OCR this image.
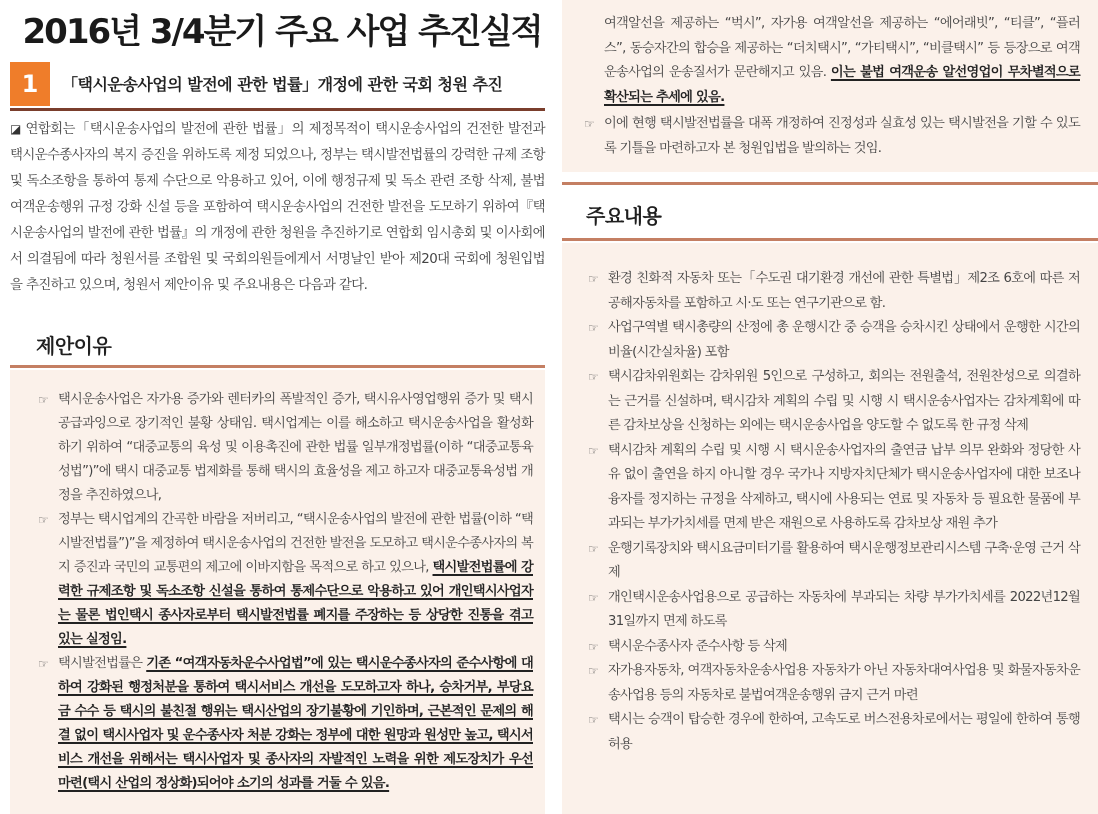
2016년 3/4분기 주요 사업 추진실적
1	「택시운송사업의 발전에 관한 법률」개정에 관한 국회 청원 추진
◪ 연합회는「택시운송사업의 발전에 관한 법률」의 제정목적이 택시운송사업의 건전한 발전과 택시운수종사자의 복지 증진을 위하도록 제정 되었으나, 정부는 택시발전법률의 강력한 규제 조항 및 독소조항을 통하여 통제 수단으로 악용하고 있어, 이에 행정규제 및 독소 관련 조항 삭제, 불법여객운송행위 규정 강화 신설 등을 포함하여 택시운송사업의 건전한 발전을 도모하기 위하여『택시운송사업의 발전에 관한 법률』의 개정에 관한 청원을 추진하기로 연합회 임시총회 및 이사회에서 의결됨에 따라 청원서를 조합원 및 국회의원들에게서 서명날인 받아 제20대 국회에 청원입법을 추진하고 있으며, 청원서 제안이유 및 주요내용은 다음과 같다.
제안이유
☞ 택시운송사업은 자가용 증가와 렌터카의 폭발적인 증가, 택시유사영업행위 증가 및 택시 공급과잉으로 장기적인 불황 상태임. 택시업계는 이를 해소하고 택시운송사업을 활성화하기 위하여 “대중교통의 육성 및 이용촉진에 관한 법률 일부개정법률(이하 “대중교통육성법”)”에 택시 대중교통 법제화를 통해 택시의 효율성을 제고 하고자 대중교통육성법 개정을 추진하였으나,
☞ 정부는 택시업계의 간곡한 바람을 저버리고, “택시운송사업의 발전에 관한 법률(이하 “택시발전법률”)”을 제정하여 택시운송사업의 건전한 발전을 도모하고 택시운수종사자의 복지 증진과 국민의 교통편의 제고에 이바지함을 목적으로 하고 있으나, 택시발전법률에 강력한 규제조항 및 독소조항 신설을 통하여 통제수단으로 악용하고 있어 개인택시사업자는 물론 법인택시 종사자로부터 택시발전법률 폐지를 주장하는 등 상당한 진통을 겪고 있는 실정임.
☞ 택시발전법률은 기존 “여객자동차운수사업법”에 있는 택시운수종사자의 준수사항에 대하여 강화된 행정처분을 통하여 택시서비스 개선을 도모하고자 하나, 승차거부, 부당요금 수수 등 택시의 불친절 행위는 택시산업의 장기불황에 기인하며, 근본적인 문제의 해결 없이 택시사업자 및 운수종사자 처분 강화는 정부에 대한 원망과 원성만 높고, 택시서비스 개선을 위해서는 택시사업자 및 종사자의 자발적인 노력을 위한 제도장치가 우선 마련(택시 산업의 정상화)되어야 소기의 성과를 거둘 수 있음.
여객알선을 제공하는 “벅시”, 자가용 여객알선을 제공하는 “에어래빗”, “티클”, “플러스”, 동승자간의 합승을 제공하는 “더치택시”, “가티택시”, “비클택시” 등 등장으로 여객운송사업의 운송질서가 문란해지고 있음. 이는 불법 여객운송 알선영업이 무차별적으로 확산되는 추세에 있음.
☞ 이에 현행 택시발전법률을 대폭 개정하여 진정성과 실효성 있는 택시발전을 기할 수 있도록 기틀을 마련하고자 본 청원입법을 발의하는 것임.
주요내용
☞ 환경 친화적 자동차 또는「수도권 대기환경 개선에 관한 특별법」제2조 6호에 따른 저공해자동차를 포함하고 시·도 또는 연구기관으로 함.
☞ 사업구역별 택시총량의 산정에 총 운행시간 중 승객을 승차시킨 상태에서 운행한 시간의 비율(시간실차율) 포함
☞ 택시감차위원회는 감차위원 5인으로 구성하고, 회의는 전원출석, 전원찬성으로 의결하는 근거를 신설하며, 택시감차 계획의 수립 및 시행 시 택시운송사업자는 감차계획에 따른 감차보상을 신청하는 외에는 택시운송사업을 양도할 수 없도록 한 규정 삭제
☞ 택시감차 계획의 수립 및 시행 시 택시운송사업자의 출연금 납부 의무 완화와 정당한 사유 없이 출연을 하지 아니할 경우 국가나 지방자치단체가 택시운송사업자에 대한 보조나 융자를 정지하는 규정을 삭제하고, 택시에 사용되는 연료 및 자동차 등 필요한 물품에 부과되는 부가가치세를 면제 받은 재원으로 사용하도록 감차보상 재원 추가
☞ 운행기록장치와 택시요금미터기를 활용하여 택시운행정보관리시스템 구축·운영 근거 삭제
☞ 개인택시운송사업용으로 공급하는 자동차에 부과되는 차량 부가가치세를 2022년12월31일까지 면제 하도록
☞ 택시운수종사자 준수사항 등 삭제
☞ 자가용자동차, 여객자동차운송사업용 자동차가 아닌 자동차대여사업용 및 화물자동차운송사업용 등의 자동차로 불법여객운송행위 금지 근거 마련
☞ 택시는 승객이 탑승한 경우에 한하여, 고속도로 버스전용차로에서는 평일에 한하여 통행 허용
